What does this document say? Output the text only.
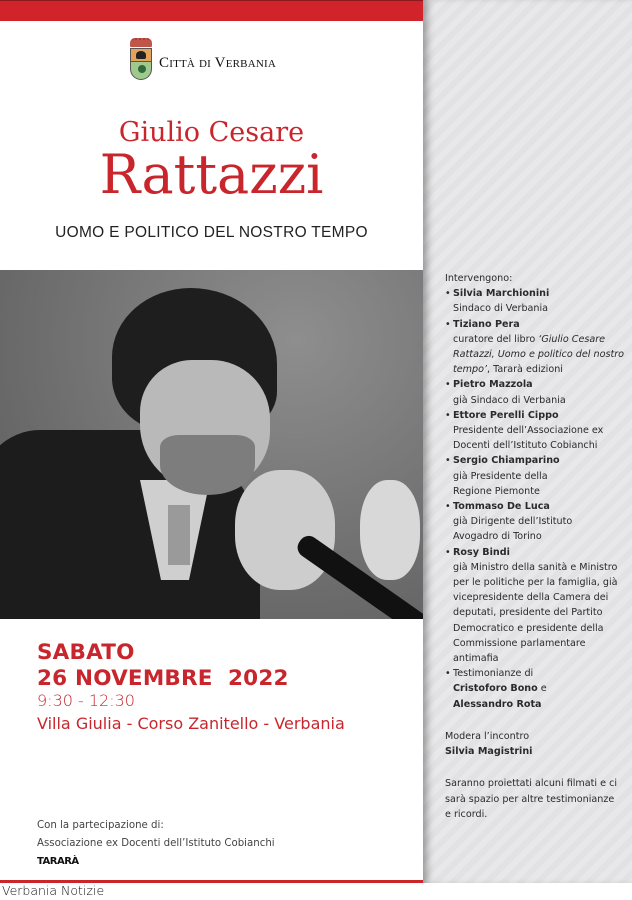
Città di Verbania
Giulio Cesare
Rattazzi
UOMO E POLITICO DEL NOSTRO TEMPO
SABATO
26 NOVEMBRE  2022
9:30 - 12:30
Villa Giulia - Corso Zanitello - Verbania
Con la partecipazione di:
Associazione ex Docenti dell’Istituto Cobianchi
TARARÀ
Intervengono:
• Silvia Marchionini
Sindaco di Verbania
• Tiziano Pera
curatore del libro ‘Giulio Cesare Rattazzi, Uomo e politico del nostro tempo’, Tararà edizioni
• Pietro Mazzola
già Sindaco di Verbania
• Ettore Perelli Cippo
Presidente dell’Associazione ex Docenti dell’Istituto Cobianchi
• Sergio Chiamparino
già Presidente della Regione Piemonte
• Tommaso De Luca
già Dirigente dell’Istituto Avogadro di Torino
• Rosy Bindi
già Ministro della sanità e Ministro per le politiche per la famiglia, già vicepresidente della Camera dei deputati, presidente del Partito Democratico e presidente della Commissione parlamentare antimafia
• Testimonianze di
Cristoforo Bono e
Alessandro Rota
Modera l’incontro
Silvia Magistrini
Saranno proiettati alcuni filmati e ci sarà spazio per altre testimonianze e ricordi.
Verbania Notizie
